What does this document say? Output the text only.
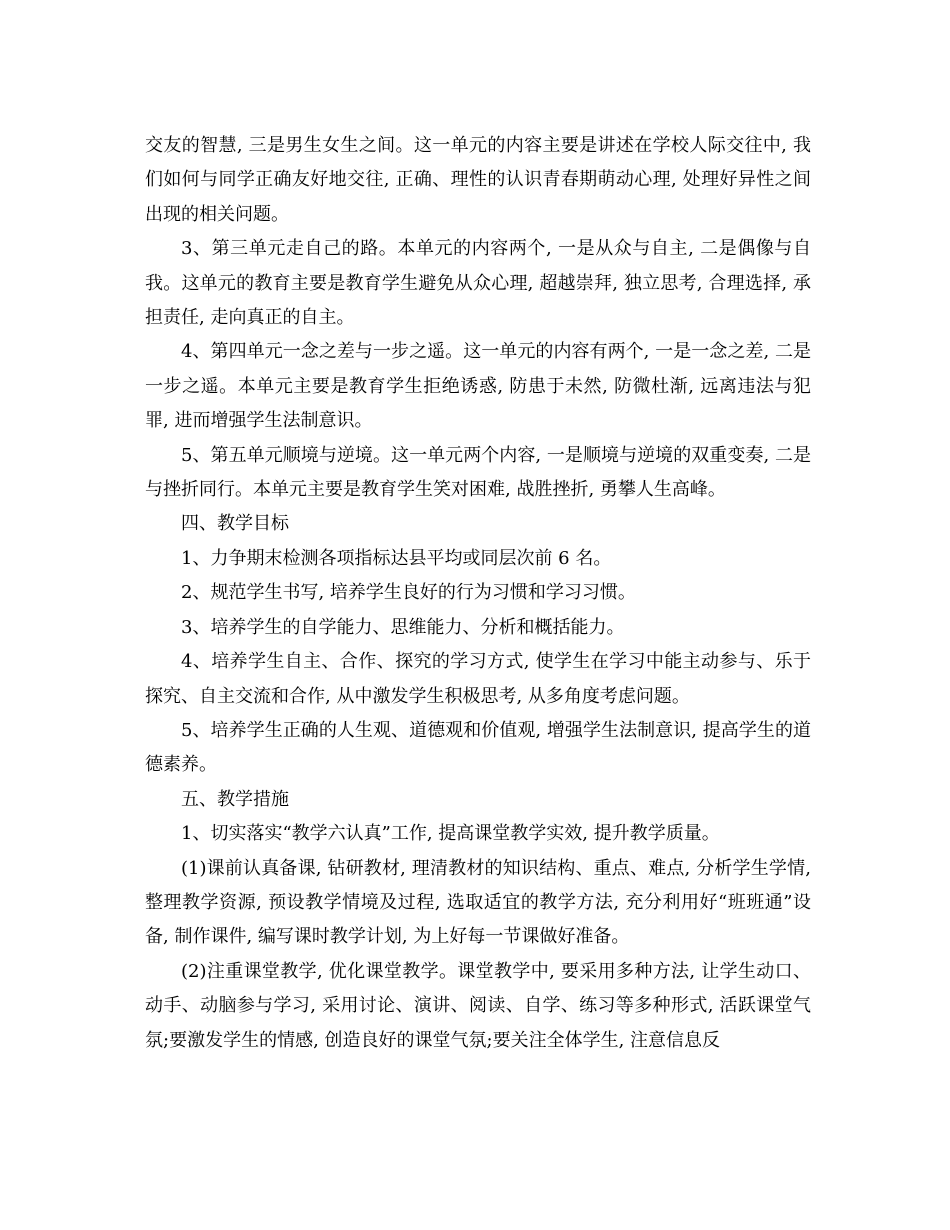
交友的智慧, 三是男生女生之间。这一单元的内容主要是讲述在学校人际交往中, 我们如何与同学正确友好地交往, 正确、理性的认识青春期萌动心理, 处理好异性之间出现的相关问题。

3、第三单元走自己的路。本单元的内容两个, 一是从众与自主, 二是偶像与自我。这单元的教育主要是教育学生避免从众心理, 超越崇拜, 独立思考, 合理选择, 承担责任, 走向真正的自主。

4、第四单元一念之差与一步之遥。这一单元的内容有两个, 一是一念之差, 二是一步之遥。本单元主要是教育学生拒绝诱惑, 防患于未然, 防微杜渐, 远离违法与犯罪, 进而增强学生法制意识。

5、第五单元顺境与逆境。这一单元两个内容, 一是顺境与逆境的双重变奏, 二是与挫折同行。本单元主要是教育学生笑对困难, 战胜挫折, 勇攀人生高峰。

四、教学目标

1、力争期末检测各项指标达县平均或同层次前 6 名。

2、规范学生书写, 培养学生良好的行为习惯和学习习惯。

3、培养学生的自学能力、思维能力、分析和概括能力。

4、培养学生自主、合作、探究的学习方式, 使学生在学习中能主动参与、乐于探究、自主交流和合作, 从中激发学生积极思考, 从多角度考虑问题。

5、培养学生正确的人生观、道德观和价值观, 增强学生法制意识, 提高学生的道德素养。

五、教学措施

1、切实落实“教学六认真”工作, 提高课堂教学实效, 提升教学质量。

(1)课前认真备课, 钻研教材, 理清教材的知识结构、重点、难点, 分析学生学情, 整理教学资源, 预设教学情境及过程, 选取适宜的教学方法, 充分利用好“班班通”设备, 制作课件, 编写课时教学计划, 为上好每一节课做好准备。

(2)注重课堂教学, 优化课堂教学。课堂教学中, 要采用多种方法, 让学生动口、动手、动脑参与学习, 采用讨论、演讲、阅读、自学、练习等多种形式, 活跃课堂气氛;要激发学生的情感, 创造良好的课堂气氛;要关注全体学生, 注意信息反
